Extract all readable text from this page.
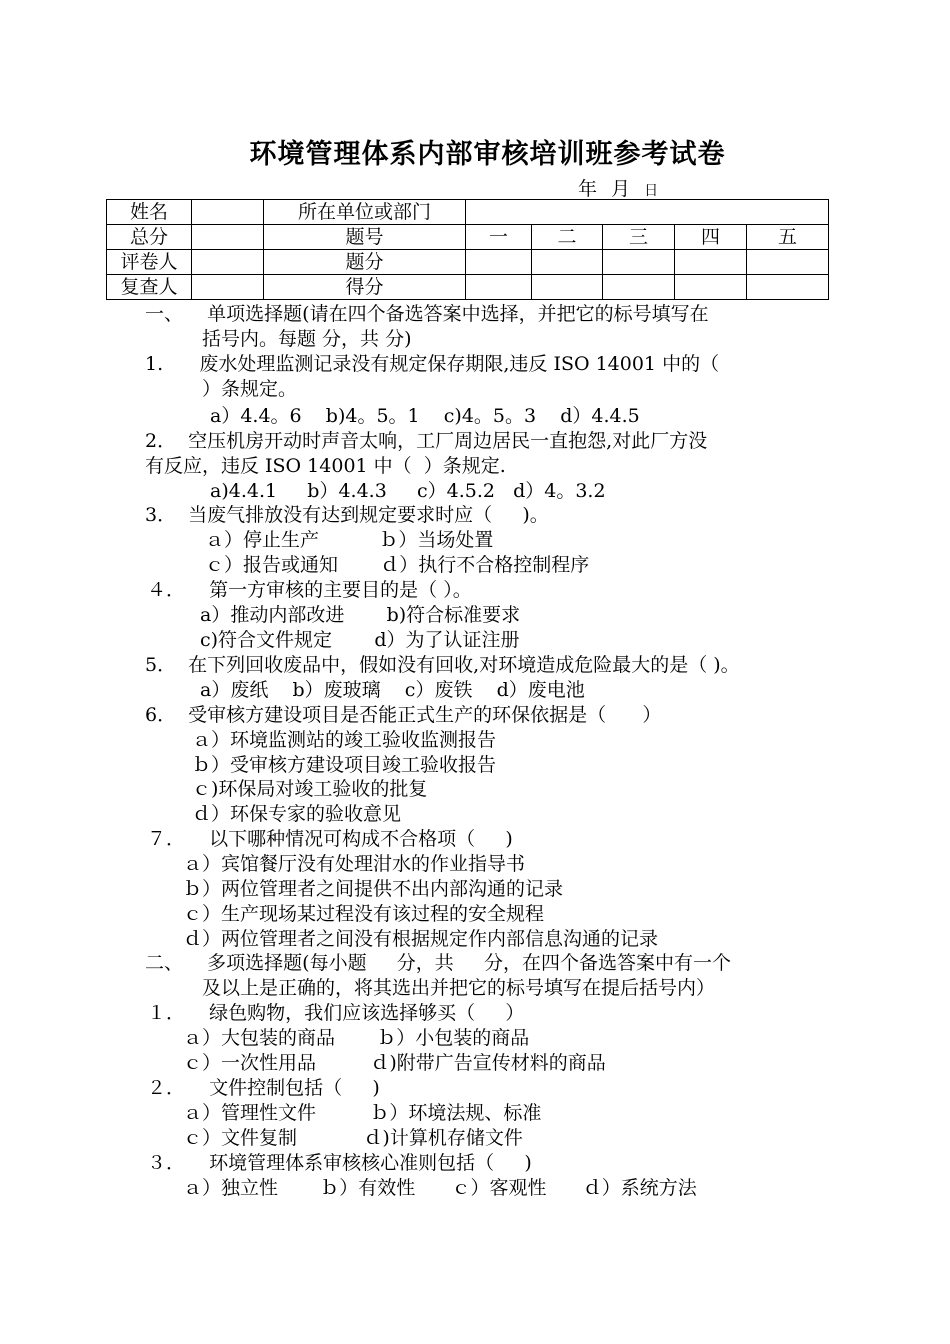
环境管理体系内部审核培训班参考试卷
年 月 日
姓名		所在单位或部门					
总分		题号	一	二	三	四	五
评卷人		题分					
复查人		得分					
一、    单项选择题(请在四个备选答案中选择，并把它的标号填写在
括号内。每题 分，共 分)
1.      废水处理监测记录没有规定保存期限,违反 ISO 14001 中的（
）条规定。
a）4.4。6    b)4。5。1    c)4。5。3    d）4.4.5
2．  空压机房开动时声音太响，工厂周边居民一直抱怨,对此厂方没
有反应，违反 ISO 14001 中（  ）条规定.
a)4.4.1     b）4.4.3     c）4.5.2   d）4。3.2
3．  当废气排放没有达到规定要求时应（     )。
ａ）停止生产          ｂ）当场处置
ｃ）报告或通知       ｄ）执行不合格控制程序
４．    第一方审核的主要目的是（ ）。
a）推动内部改进       b)符合标准要求
c)符合文件规定       d）为了认证注册
5．  在下列回收废品中，假如没有回收,对环境造成危险最大的是（ )。
a）废纸    b）废玻璃    c）废铁    d）废电池
6．  受审核方建设项目是否能正式生产的环保依据是（      ）
ａ）环境监测站的竣工验收监测报告
ｂ）受审核方建设项目竣工验收报告
ｃ)环保局对竣工验收的批复
ｄ）环保专家的验收意见
７．    以下哪种情况可构成不合格项（     )
ａ）宾馆餐厅没有处理泔水的作业指导书
ｂ）两位管理者之间提供不出内部沟通的记录
ｃ）生产现场某过程没有该过程的安全规程
ｄ）两位管理者之间没有根据规定作内部信息沟通的记录
二、    多项选择题(每小题     分，共     分，在四个备选答案中有一个
及以上是正确的，将其选出并把它的标号填写在提后括号内）
１．    绿色购物，我们应该选择够买（     ）
ａ）大包装的商品       ｂ）小包装的商品
ｃ）一次性用品         ｄ)附带广告宣传材料的商品
２．    文件控制包括（     )
ａ）管理性文件         ｂ）环境法规、标准
ｃ）文件复制           ｄ)计算机存储文件
３．    环境管理体系审核核心准则包括（     )
ａ）独立性       ｂ）有效性      ｃ）客观性      ｄ）系统方法
